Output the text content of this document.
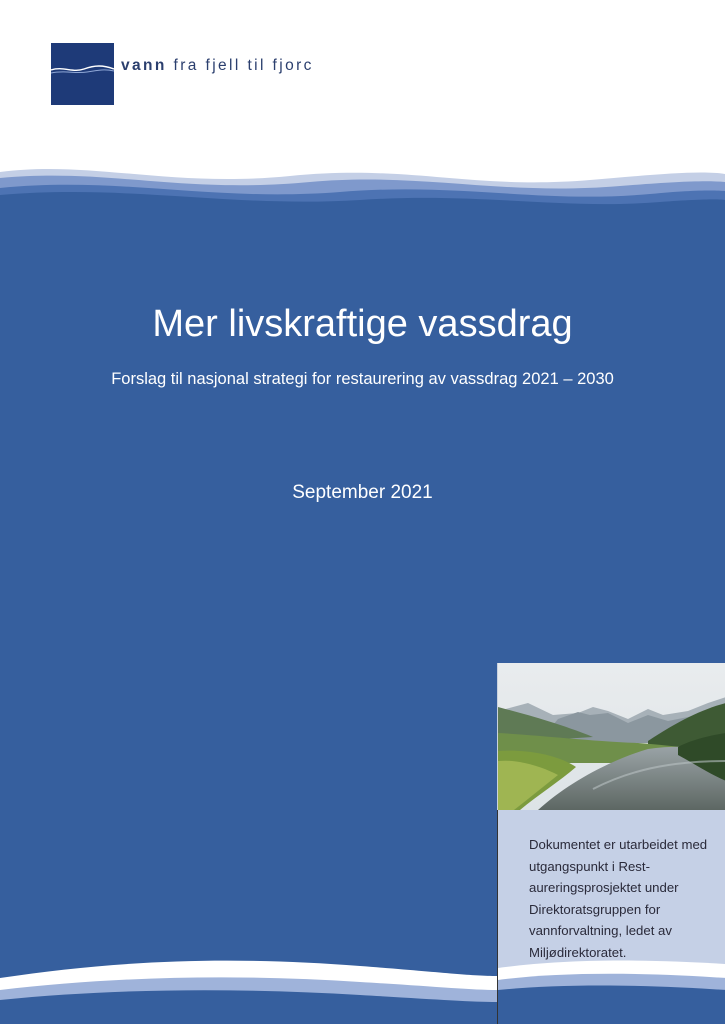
vann fra fjell til fjorc
Mer livskraftige vassdrag
Forslag til nasjonal strategi for restaurering av vassdrag 2021 – 2030
September 2021
Dokumentet er utarbeidet med utgangspunkt i Rest-aureringsprosjektet under Direktoratsgruppen for vannforvaltning, ledet av Miljødirektoratet.
